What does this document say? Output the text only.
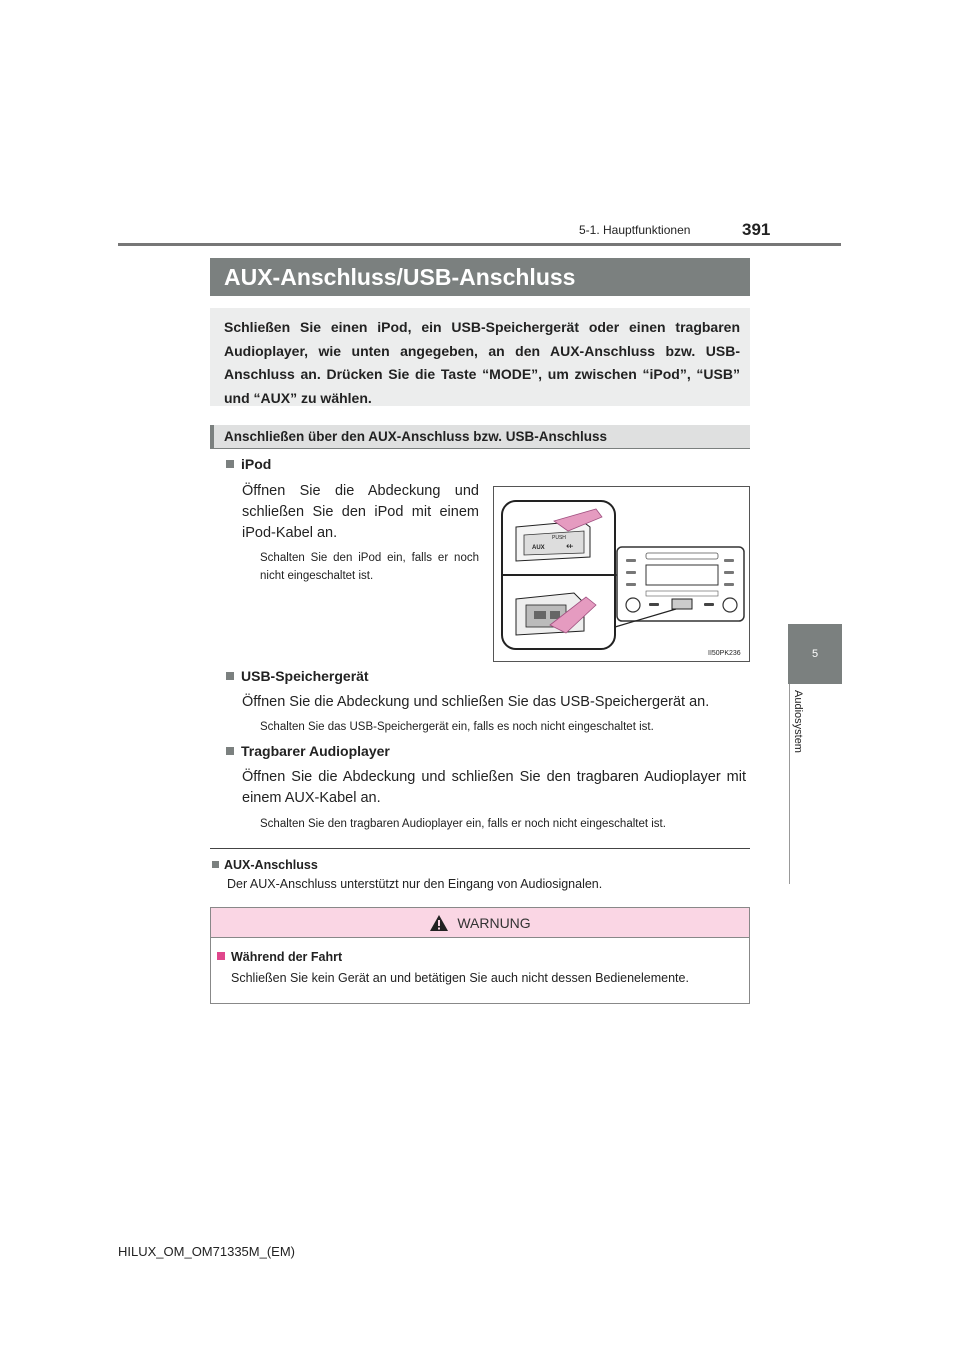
5-1. Hauptfunktionen	391
5
Audiosystem
AUX-Anschluss/USB-Anschluss
Schließen Sie einen iPod, ein USB-Speichergerät oder einen tragbaren Audioplayer, wie unten angegeben, an den AUX-Anschluss bzw. USB-Anschluss an. Drücken Sie die Taste “MODE”, um zwischen “iPod”, “USB” und “AUX” zu wählen.
Anschließen über den AUX-Anschluss bzw. USB-Anschluss
iPod
Öffnen Sie die Abdeckung und schließen Sie den iPod mit einem iPod-Kabel an.
Schalten Sie den iPod ein, falls er noch nicht eingeschaltet ist.
PUSH
AUX ⇷
II50PK236
USB-Speichergerät
Öffnen Sie die Abdeckung und schließen Sie das USB-Speichergerät an.
Schalten Sie das USB-Speichergerät ein, falls es noch nicht eingeschaltet ist.
Tragbarer Audioplayer
Öffnen Sie die Abdeckung und schließen Sie den tragbaren Audioplayer mit einem AUX-Kabel an.
Schalten Sie den tragbaren Audioplayer ein, falls er noch nicht eingeschaltet ist.
AUX-Anschluss
Der AUX-Anschluss unterstützt nur den Eingang von Audiosignalen.
WARNUNG
Während der Fahrt
Schließen Sie kein Gerät an und betätigen Sie auch nicht dessen Bedienelemente.
HILUX_OM_OM71335M_(EM)
